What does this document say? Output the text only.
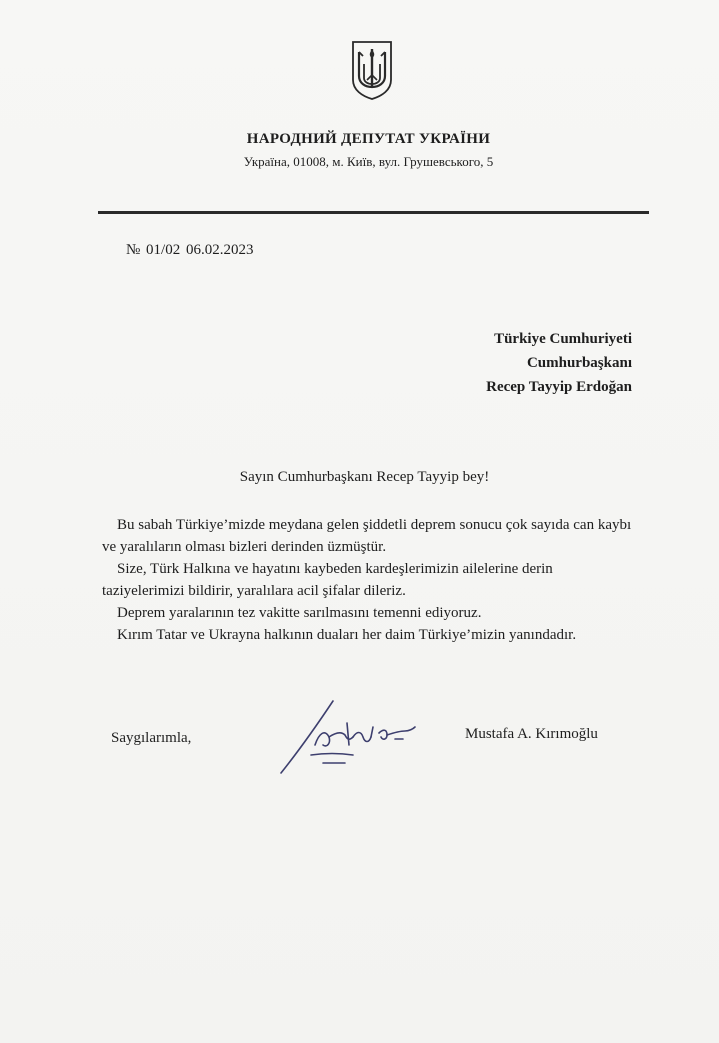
НАРОДНИЙ ДЕПУТАТ УКРАЇНИ
Україна, 01008, м. Київ, вул. Грушевського, 5
№ 01/02 06.02.2023
Türkiye Cumhuriyeti
Cumhurbaşkanı
Recep Tayyip Erdoğan
Sayın Cumhurbaşkanı Recep Tayyip bey!

Bu sabah Türkiye’mizde meydana gelen şiddetli deprem sonucu çok sayıda can kaybı ve yaralıların olması bizleri derinden üzmüştür.

Size, Türk Halkına ve hayatını kaybeden kardeşlerimizin ailelerine derin taziyelerimizi bildirir, yaralılara acil şifalar dileriz.

Deprem yaralarının tez vakitte sarılmasını temenni ediyoruz.

Kırım Tatar ve Ukrayna halkının duaları her daim Türkiye’mizin yanındadır.

Saygılarımla,	Mustafa A. Kırımoğlu
